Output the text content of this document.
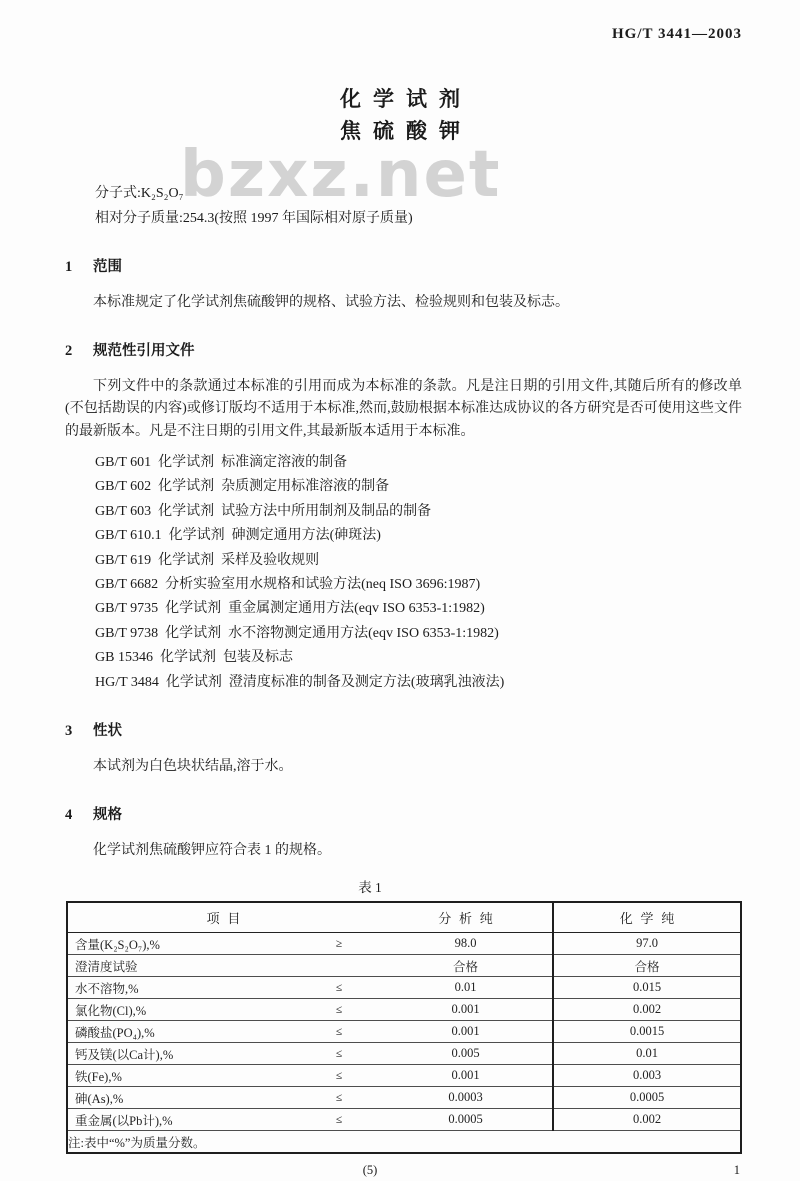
bzxz.net
HG/T 3441—2003
化学试剂
焦硫酸钾
分子式:K₂S₂O₇
相对分子质量:254.3(按照 1997 年国际相对原子质量)
1 范围

本标准规定了化学试剂焦硫酸钾的规格、试验方法、检验规则和包装及标志。

2 规范性引用文件

下列文件中的条款通过本标准的引用而成为本标准的条款。凡是注日期的引用文件,其随后所有的修改单(不包括勘误的内容)或修订版均不适用于本标准,然而,鼓励根据本标准达成协议的各方研究是否可使用这些文件的最新版本。凡是不注日期的引用文件,其最新版本适用于本标准。

GB/T 601  化学试剂  标准滴定溶液的制备
GB/T 602  化学试剂  杂质测定用标准溶液的制备
GB/T 603  化学试剂  试验方法中所用制剂及制品的制备
GB/T 610.1  化学试剂  砷测定通用方法(砷斑法)
GB/T 619  化学试剂  采样及验收规则
GB/T 6682  分析实验室用水规格和试验方法(neq ISO 3696:1987)
GB/T 9735  化学试剂  重金属测定通用方法(eqv ISO 6353-1:1982)
GB/T 9738  化学试剂  水不溶物测定通用方法(eqv ISO 6353-1:1982)
GB 15346  化学试剂  包装及标志
HG/T 3484  化学试剂  澄清度标准的制备及测定方法(玻璃乳浊液法)
3 性状

本试剂为白色块状结晶,溶于水。

4 规格

化学试剂焦硫酸钾应符合表 1 的规格。

表 1
项目		分析纯	化学纯
含量(K₂S₂O₇),%	≥	98.0	97.0
澄清度试验		合格	合格
水不溶物,%	≤	0.01	0.015
氯化物(Cl),%	≤	0.001	0.002
磷酸盐(PO₄),%	≤	0.001	0.0015
钙及镁(以Ca计),%	≤	0.005	0.01
铁(Fe),%	≤	0.001	0.003
砷(As),%	≤	0.0003	0.0005
重金属(以Pb计),%	≤	0.0005	0.002
注:表中“%”为质量分数。			
(5)	1
